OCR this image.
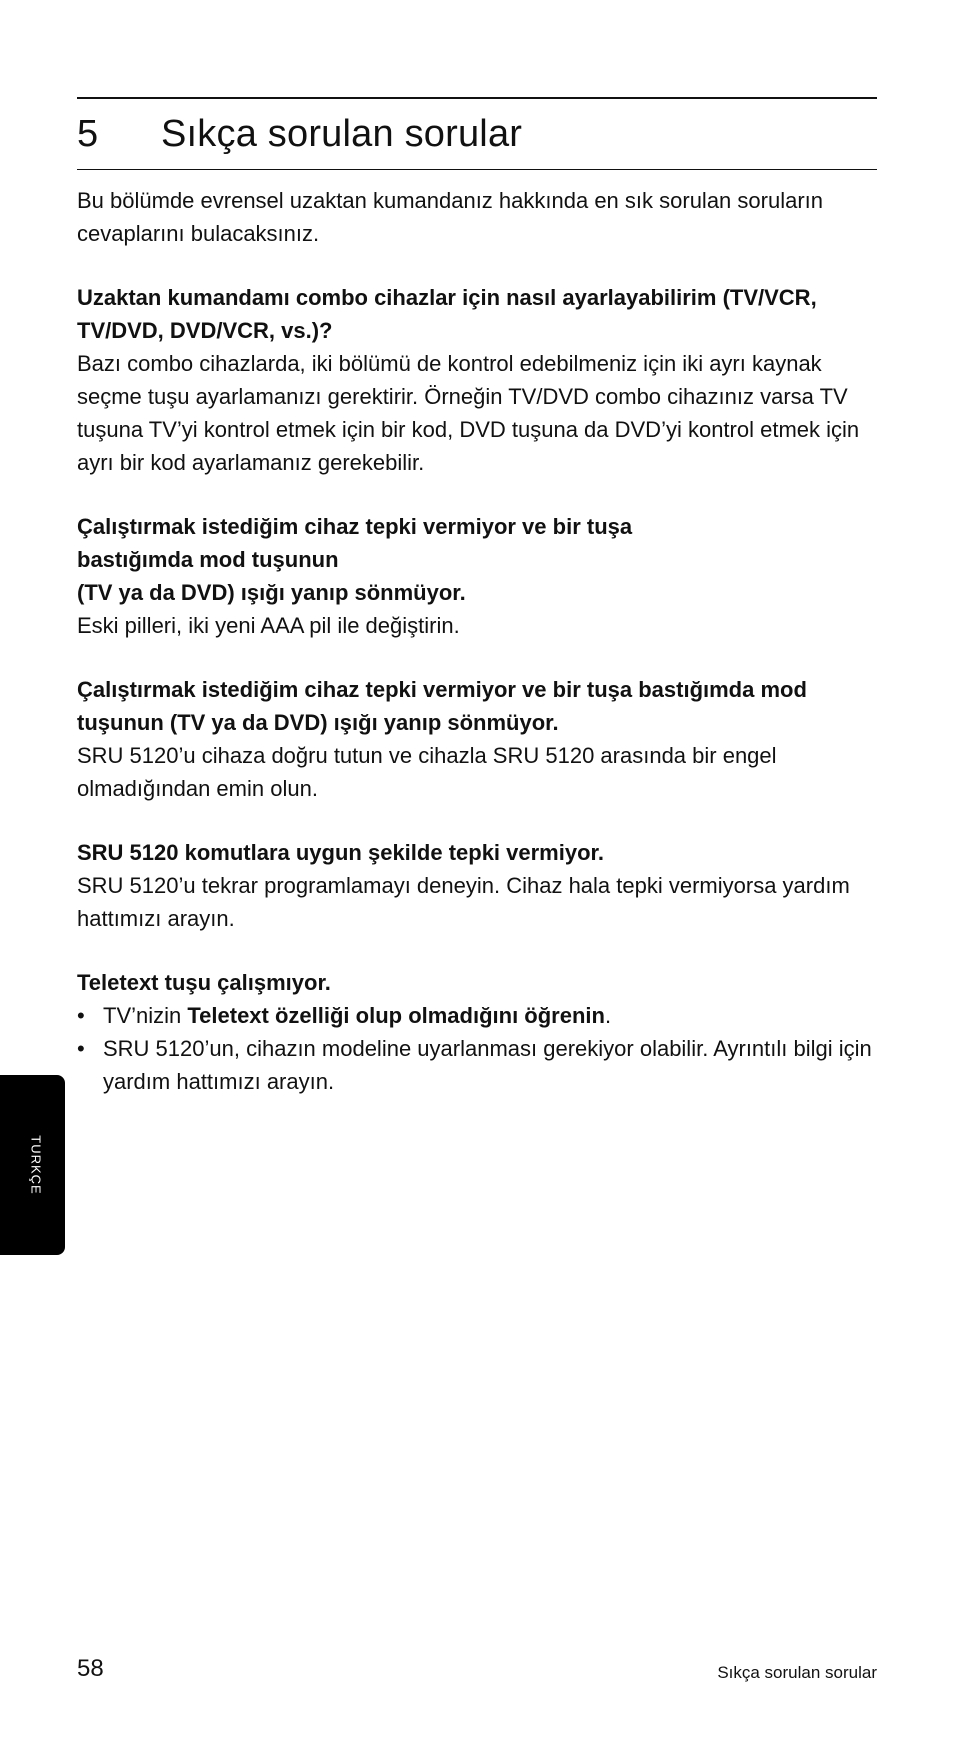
5	Sıkça sorulan sorular

Bu bölümde evrensel uzaktan kumandanız hakkında en sık sorulan soruların cevaplarını bulacaksınız.

Uzaktan kumandamı combo cihazlar için nasıl ayarlayabilirim (TV/VCR, TV/DVD, DVD/VCR, vs.)?

Bazı combo cihazlarda, iki bölümü de kontrol edebilmeniz için iki ayrı kaynak seçme tuşu ayarlamanızı gerektirir. Örneğin TV/DVD combo cihazınız varsa TV tuşuna TV’yi kontrol etmek için bir kod, DVD tuşuna da DVD’yi kontrol etmek için ayrı bir kod ayarlamanız gerekebilir.

Çalıştırmak istediğim cihaz tepki vermiyor ve bir tuşa

bastığımda mod tuşunun

(TV ya da DVD) ışığı yanıp sönmüyor.

Eski pilleri, iki yeni AAA pil ile değiştirin.

Çalıştırmak istediğim cihaz tepki vermiyor ve bir tuşa bastığımda mod tuşunun (TV ya da DVD) ışığı yanıp sönmüyor.

SRU 5120’u cihaza doğru tutun ve cihazla SRU 5120 arasında bir engel olmadığından emin olun.

SRU 5120 komutlara uygun şekilde tepki vermiyor.

SRU 5120’u tekrar programlamayı deneyin. Cihaz hala tepki vermiyorsa yardım hattımızı arayın.

Teletext tuşu çalışmıyor.

• TV’nizin Teletext özelliği olup olmadığını öğrenin.
• SRU 5120’un, cihazın modeline uyarlanması gerekiyor olabilir. Ayrıntılı bilgi için yardım hattımızı arayın.
TURKÇE
58	Sıkça sorulan sorular
